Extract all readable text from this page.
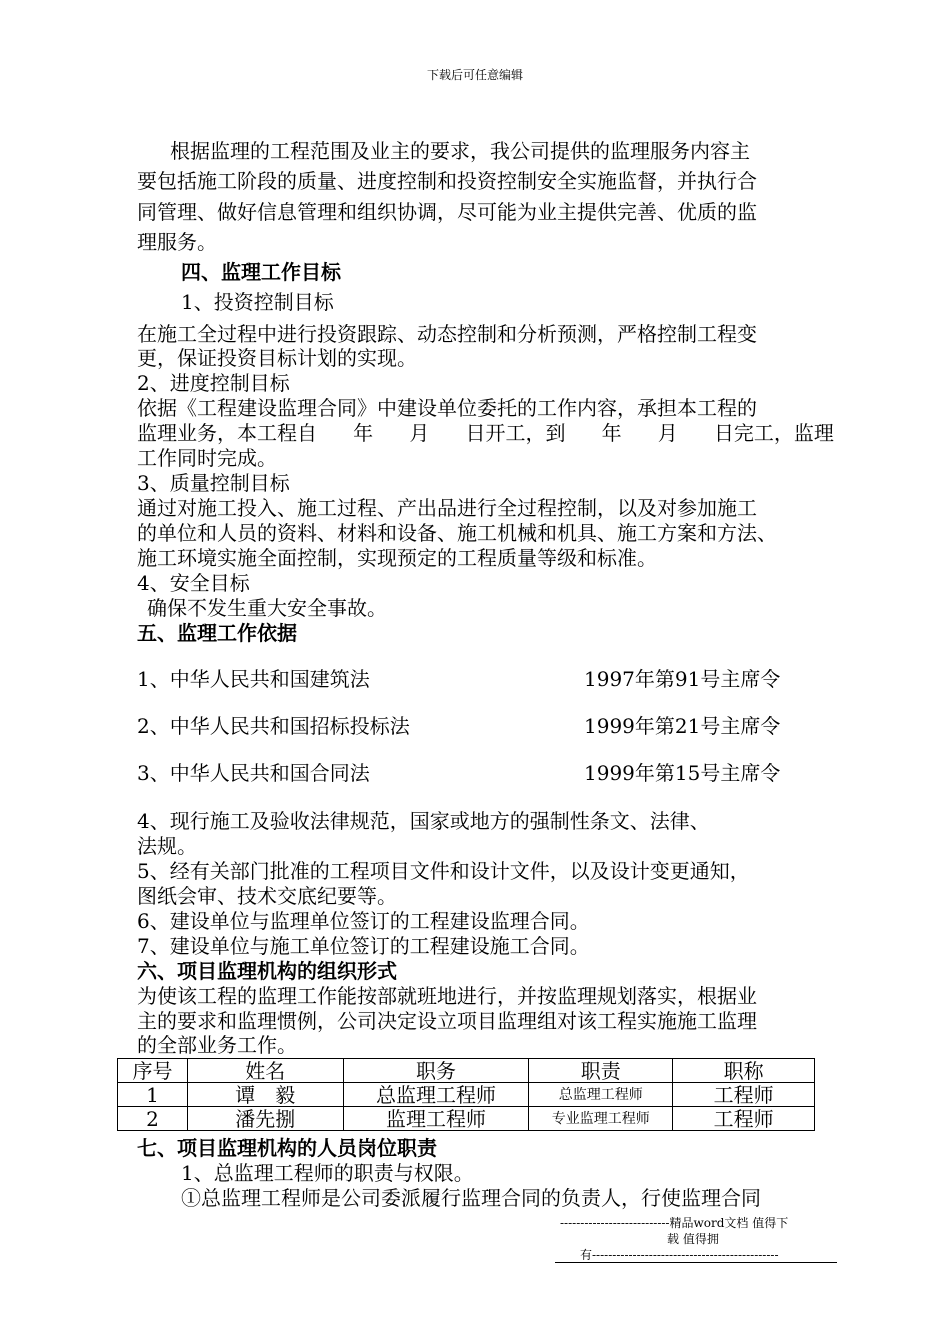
下载后可任意编辑
根据监理的工程范围及业主的要求，我公司提供的监理服务内容主
要包括施工阶段的质量、进度控制和投资控制安全实施监督，并执行合
同管理、做好信息管理和组织协调，尽可能为业主提供完善、优质的监
理服务。
四、监理工作目标
1、投资控制目标
在施工全过程中进行投资跟踪、动态控制和分析预测，严格控制工程变
更，保证投资目标计划的实现。
2、进度控制目标
依据《工程建设监理合同》中建设单位委托的工作内容，承担本工程的
监理业务，本工程自 年 月 日开工，到 年 月 日完工，监理
工作同时完成。
3、质量控制目标
通过对施工投入、施工过程、产出品进行全过程控制，以及对参加施工
的单位和人员的资料、材料和设备、施工机械和机具、施工方案和方法、
施工环境实施全面控制，实现预定的工程质量等级和标准。
4、安全目标
确保不发生重大安全事故。
五、监理工作依据
1、中华人民共和国建筑法	1997年第91号主席令
2、中华人民共和国招标投标法	1999年第21号主席令
3、中华人民共和国合同法	1999年第15号主席令
4、现行施工及验收法律规范，国家或地方的强制性条文、法律、
法规。
5、经有关部门批准的工程项目文件和设计文件，以及设计变更通知，
图纸会审、技术交底纪要等。
6、建设单位与监理单位签订的工程建设监理合同。
7、建设单位与施工单位签订的工程建设施工合同。
六、项目监理机构的组织形式
为使该工程的监理工作能按部就班地进行，并按监理规划落实，根据业
主的要求和监理惯例，公司决定设立项目监理组对该工程实施施工监理
的全部业务工作。
序号	姓名	职务	职责	职称
1	谭　毅	总监理工程师	总监理工程师	工程师
2	潘先捌	监理工程师	专业监理工程师	工程师
七、项目监理机构的人员岗位职责
1、总监理工程师的职责与权限。
①总监理工程师是公司委派履行监理合同的负责人，行使监理合同
---------------------------精品word文档 值得下
载 值得拥
有----------------------------------------------
